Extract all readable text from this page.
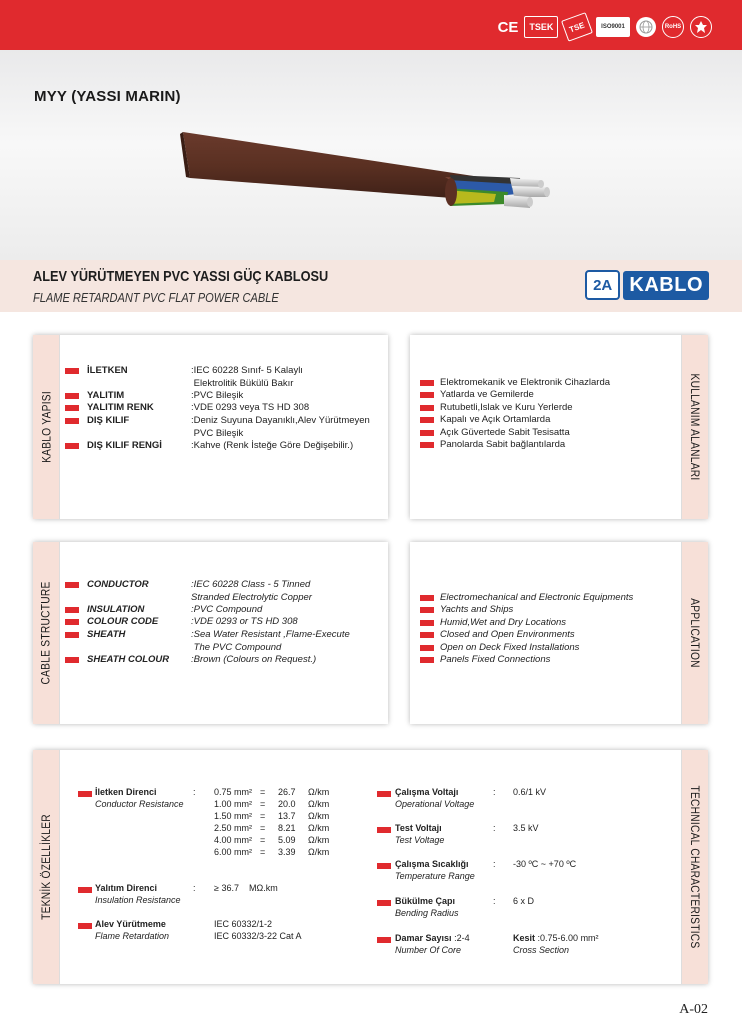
CE	TSEK	TSE	ISO9001	RoHS
MYY (YASSI MARIN)
ALEV YÜRÜTMEYEN PVC YASSI GÜÇ KABLOSU
FLAME RETARDANT PVC FLAT POWER CABLE
2A KABLO
KABLO YAPISI
İLETKEN	:IEC 60228 Sınıf- 5 Kalaylı
Elektrolitik Bükülü Bakır
YALITIM	:PVC Bileşik
YALITIM RENK	:VDE 0293 veya TS HD 308
DIŞ KILIF	:Deniz Suyuna Dayanıklı,Alev Yürütmeyen
PVC Bileşik
DIŞ KILIF RENGİ	:Kahve (Renk İsteğe Göre Değişebilir.)	KULLANIM ALANLARI
Elektromekanik ve Elektronik Cihazlarda
Yatlarda ve Gemilerde
Rutubetli,Islak ve Kuru Yerlerde
Kapalı ve Açık Ortamlarda
Açık Güvertede Sabit Tesisatta
Panolarda Sabit bağlantılarda
CABLE STRUCTURE	CONDUCTOR	:IEC 60228 Class - 5 Tinned
Stranded Electrolytic Copper
INSULATION	:PVC Compound
COLOUR CODE	:VDE 0293 or TS HD 308
SHEATH	:Sea Water Resistant ,Flame-Execute
The PVC Compound
SHEATH COLOUR	:Brown (Colours on Request.)	APPLICATION
Electromechanical and Electronic Equipments
Yachts and Ships
Humid,Wet and Dry Locations
Closed and Open Environments
Open on Deck Fixed Installations
Panels Fixed Connections
TEKNİK ÖZELLİKLER	TECHNICAL CHARACTERISTICS
İletken Direnci
Conductor Resistance
: 0.75 mm² =	26.7	Ω/km
1.00 mm² =	20.0	Ω/km
1.50 mm² =	13.7	Ω/km
2.50 mm² =	8.21	Ω/km
4.00 mm² =	5.09	Ω/km
6.00 mm² =	3.39	Ω/km
Yalıtım Direnci
Insulation Resistance
: ≥ 36.7 MΩ.km
Alev Yürütmeme
Flame Retardation
IEC 60332/1-2
IEC 60332/3-22 Cat A
Çalışma Voltajı
Operational Voltage
: 0.6/1 kV
Test Voltajı
Test Voltage
: 3.5 kV
Çalışma Sıcaklığı
Temperature Range
: -30 ºC ~ +70 ºC
Bükülme Çapı
Bending Radius
: 6 x D
Damar Sayısı :2-4
Number Of Core
Kesit :0.75-6.00 mm²
Cross Section
A-02
